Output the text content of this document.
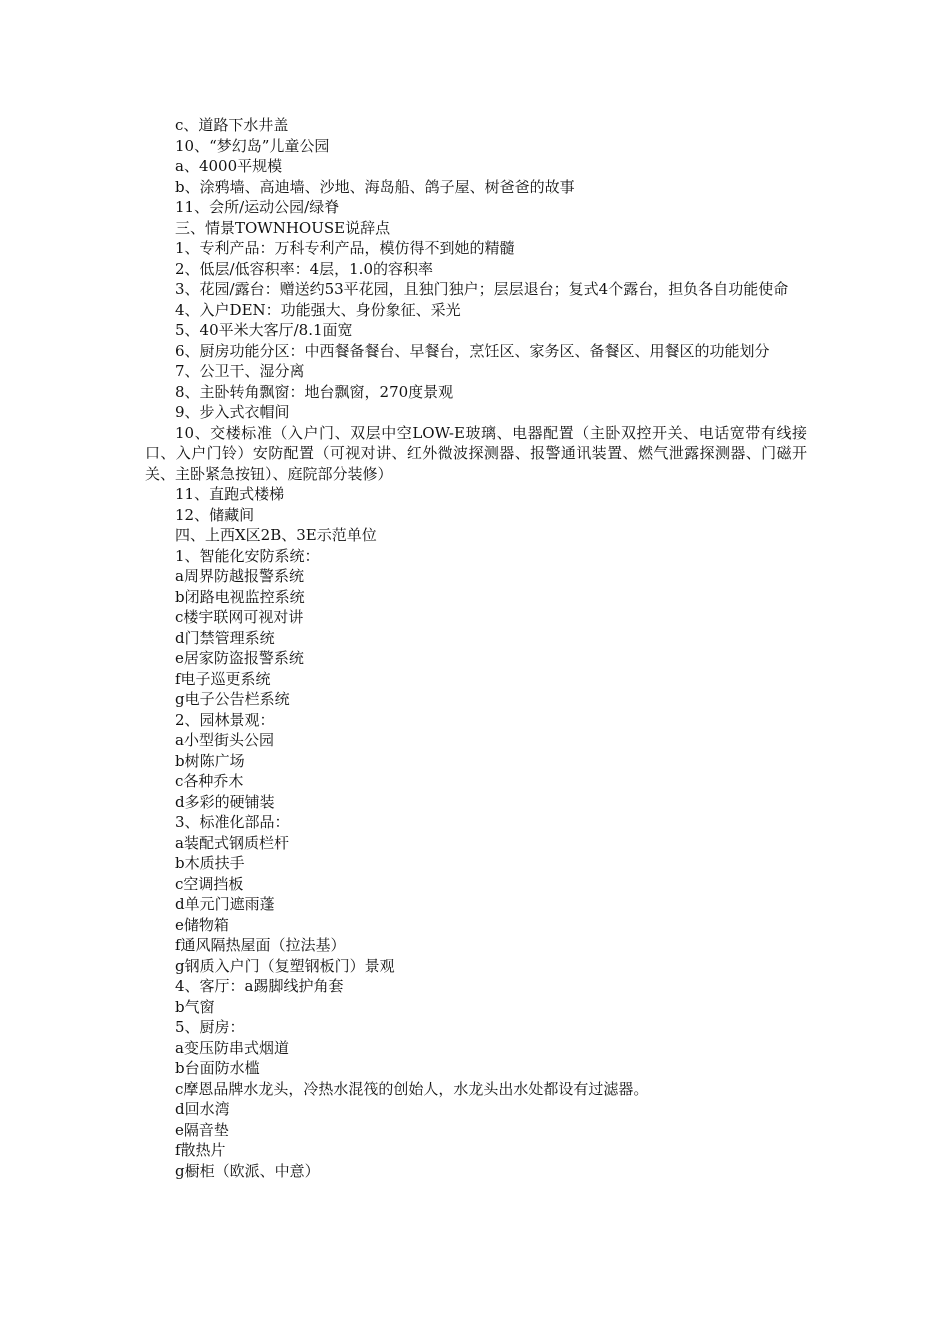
c、道路下水井盖

10、“梦幻岛”儿童公园

a、4000平规模

b、涂鸦墙、高迪墙、沙地、海岛船、鸽子屋、树爸爸的故事

11、会所/运动公园/绿脊

三、情景TOWNHOUSE说辞点

1、专利产品：万科专利产品，模仿得不到她的精髓

2、低层/低容积率：4层，1.0的容积率

3、花园/露台：赠送约53平花园，且独门独户；层层退台；复式4个露台，担负各自功能使命

4、入户DEN：功能强大、身份象征、采光

5、40平米大客厅/8.1面宽

6、厨房功能分区：中西餐备餐台、早餐台，烹饪区、家务区、备餐区、用餐区的功能划分

7、公卫干、湿分离

8、主卧转角飘窗：地台飘窗，270度景观

9、步入式衣帽间

10、交楼标准（入户门、双层中空LOW-E玻璃、电器配置（主卧双控开关、电话宽带有线接口、入户门铃）安防配置（可视对讲、红外微波探测器、报警通讯装置、燃气泄露探测器、门磁开关、主卧紧急按钮）、庭院部分装修）

11、直跑式楼梯

12、储藏间

四、上西X区2B、3E示范单位

1、智能化安防系统：

a周界防越报警系统

b闭路电视监控系统

c楼宇联网可视对讲

d门禁管理系统

e居家防盗报警系统

f电子巡更系统

g电子公告栏系统

2、园林景观：

a小型街头公园

b树陈广场

c各种乔木

d多彩的硬铺装

3、标准化部品：

a装配式钢质栏杆

b木质扶手

c空调挡板

d单元门遮雨蓬

e储物箱

f通风隔热屋面（拉法基）

g钢质入户门（复塑钢板门）景观

4、客厅：a踢脚线护角套

b气窗

5、厨房：

a变压防串式烟道

b台面防水槛

c摩恩品牌水龙头，冷热水混筏的创始人，水龙头出水处都设有过滤器。

d回水湾

e隔音垫

f散热片

g橱柜（欧派、中意）
